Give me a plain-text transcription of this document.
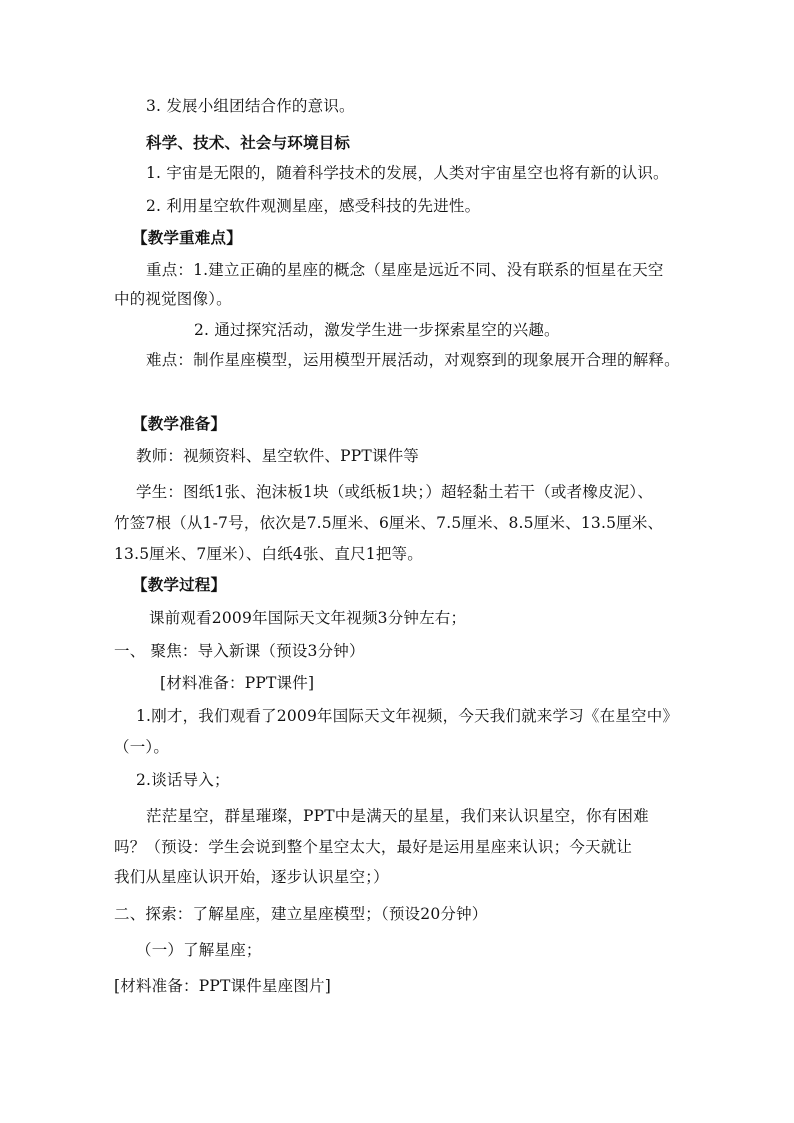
3. 发展小组团结合作的意识。
科学、技术、社会与环境目标
1. 宇宙是无限的，随着科学技术的发展，人类对宇宙星空也将有新的认识。
2. 利用星空软件观测星座，感受科技的先进性。
【教学重难点】
重点：1.建立正确的星座的概念（星座是远近不同、没有联系的恒星在天空
中的视觉图像）。
2. 通过探究活动，激发学生进一步探索星空的兴趣。
难点：制作星座模型，运用模型开展活动，对观察到的现象展开合理的解释。
【教学准备】
教师：视频资料、星空软件、PPT课件等
学生：图纸1张、泡沫板1块（或纸板1块；）超轻黏土若干（或者橡皮泥）、
竹签7根（从1-7号，依次是7.5厘米、6厘米、7.5厘米、8.5厘米、13.5厘米、
13.5厘米、7厘米）、白纸4张、直尺1把等。
【教学过程】
课前观看2009年国际天文年视频3分钟左右；
一、 聚焦：导入新课（预设3分钟）
[材料准备：PPT课件]
1.刚才，我们观看了2009年国际天文年视频，今天我们就来学习《在星空中》
（一）。
2.谈话导入；
茫茫星空，群星璀璨，PPT中是满天的星星，我们来认识星空，你有困难
吗？（预设：学生会说到整个星空太大，最好是运用星座来认识；今天就让
我们从星座认识开始，逐步认识星空；）
二、探索：了解星座，建立星座模型；（预设20分钟）
（一）了解星座；
[材料准备：PPT课件星座图片]
